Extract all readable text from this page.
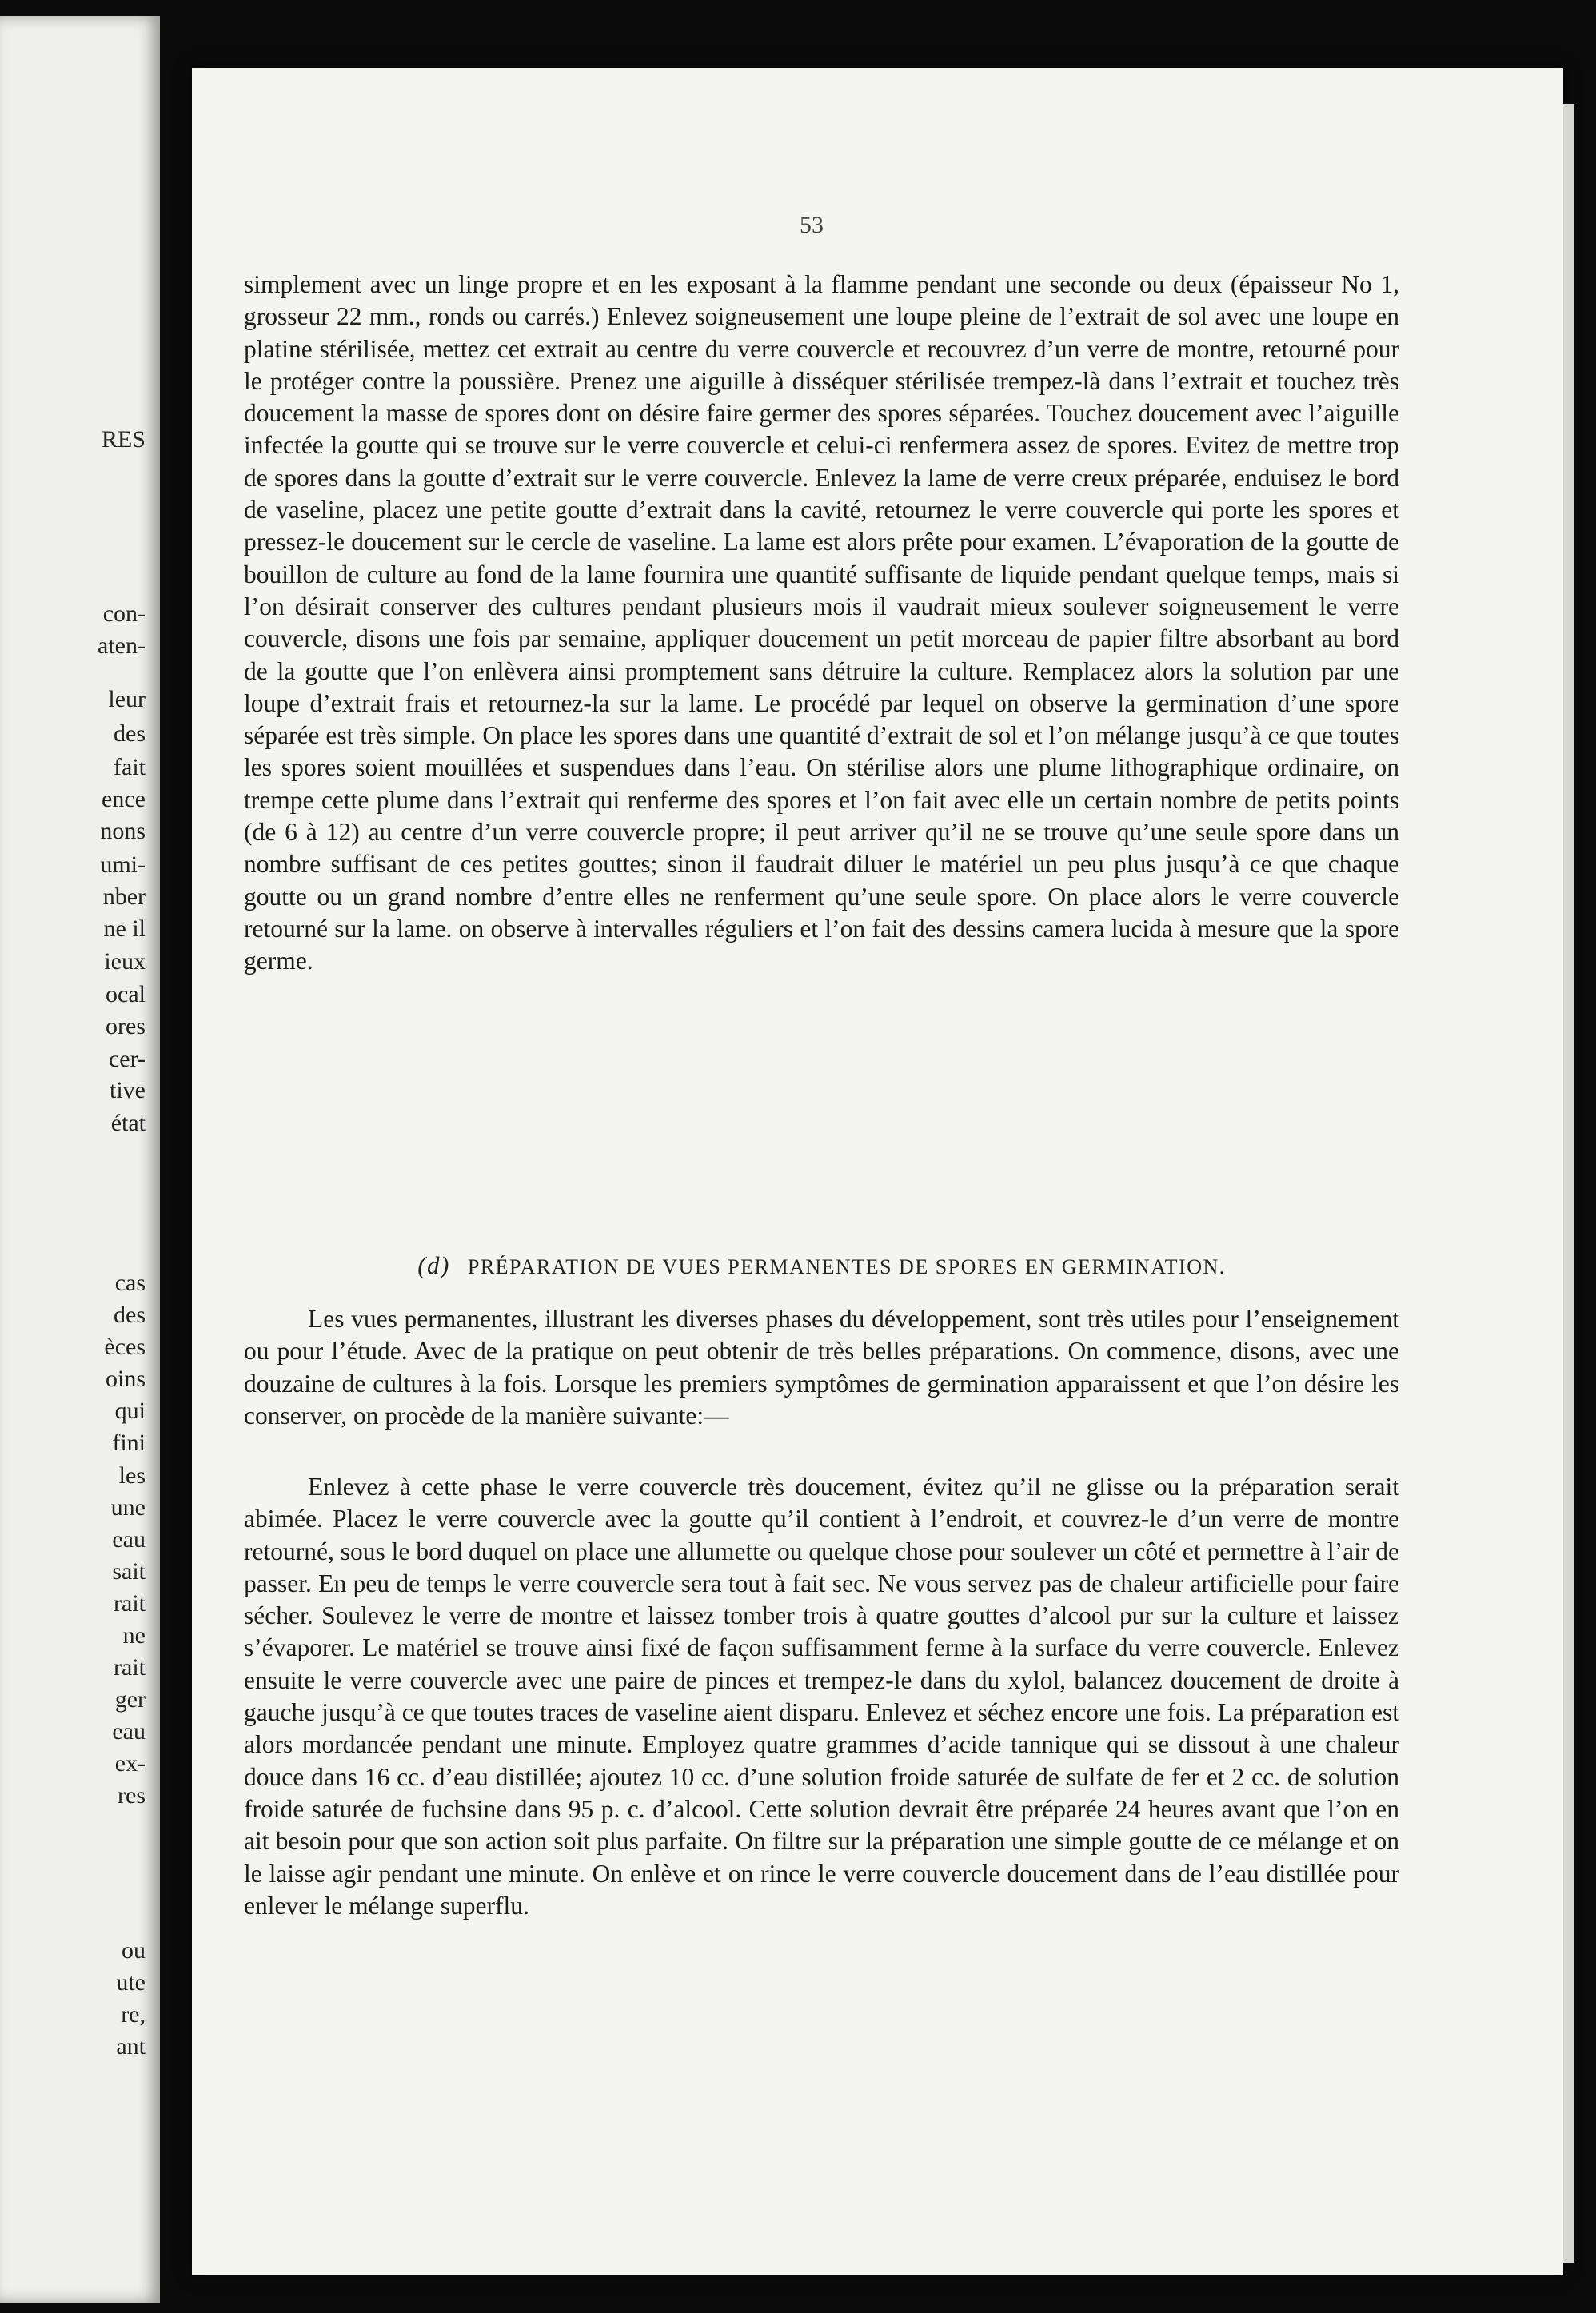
RES
con-
aten-
leur
des
fait
ence
nons
umi-
nber
ne il
ieux
ocal
ores
cer-
tive
état
cas
des
èces
oins
qui
fini
les
une
eau
sait
rait
ne
rait
ger
eau
ex-
res
ou
ute
re,
ant
53

simplement avec un linge propre et en les exposant à la flamme pendant une seconde ou deux (épaisseur No 1, grosseur 22 mm., ronds ou carrés.) Enlevez soigneusement une loupe pleine de l’extrait de sol avec une loupe en platine stérilisée, mettez cet extrait au centre du verre couvercle et recouvrez d’un verre de montre, retourné pour le protéger contre la poussière. Prenez une aiguille à disséquer stérilisée trempez-là dans l’extrait et touchez très doucement la masse de spores dont on désire faire germer des spores séparées. Touchez doucement avec l’aiguille infectée la goutte qui se trouve sur le verre couvercle et celui-ci renfermera assez de spores. Evitez de mettre trop de spores dans la goutte d’extrait sur le verre couvercle. Enlevez la lame de verre creux préparée, enduisez le bord de vaseline, placez une petite goutte d’extrait dans la cavité, retournez le verre couvercle qui porte les spores et pressez-le doucement sur le cercle de vaseline. La lame est alors prête pour examen. L’évaporation de la goutte de bouillon de culture au fond de la lame fournira une quantité suffisante de liquide pendant quelque temps, mais si l’on désirait conserver des cultures pendant plusieurs mois il vaudrait mieux soulever soigneusement le verre couvercle, disons une fois par semaine, appliquer doucement un petit morceau de papier filtre absorbant au bord de la goutte que l’on enlèvera ainsi promptement sans détruire la culture. Remplacez alors la solution par une loupe d’extrait frais et retournez-la sur la lame. Le procédé par lequel on observe la germination d’une spore séparée est très simple. On place les spores dans une quantité d’extrait de sol et l’on mélange jusqu’à ce que toutes les spores soient mouillées et suspendues dans l’eau. On stérilise alors une plume lithographique ordinaire, on trempe cette plume dans l’extrait qui renferme des spores et l’on fait avec elle un certain nombre de petits points (de 6 à 12) au centre d’un verre couvercle propre; il peut arriver qu’il ne se trouve qu’une seule spore dans un nombre suffisant de ces petites gouttes; sinon il faudrait diluer le matériel un peu plus jusqu’à ce que chaque goutte ou un grand nombre d’entre elles ne renferment qu’une seule spore. On place alors le verre couvercle retourné sur la lame. on observe à intervalles réguliers et l’on fait des dessins camera lucida à mesure que la spore germe.

(d) PRÉPARATION DE VUES PERMANENTES DE SPORES EN GERMINATION.

Les vues permanentes, illustrant les diverses phases du développement, sont très utiles pour l’enseignement ou pour l’étude. Avec de la pratique on peut obtenir de très belles préparations. On commence, disons, avec une douzaine de cultures à la fois. Lorsque les premiers symptômes de germination apparaissent et que l’on désire les conserver, on procède de la manière suivante:—

Enlevez à cette phase le verre couvercle très doucement, évitez qu’il ne glisse ou la préparation serait abimée. Placez le verre couvercle avec la goutte qu’il contient à l’endroit, et couvrez-le d’un verre de montre retourné, sous le bord duquel on place une allumette ou quelque chose pour soulever un côté et permettre à l’air de passer. En peu de temps le verre couvercle sera tout à fait sec. Ne vous servez pas de chaleur artificielle pour faire sécher. Soulevez le verre de montre et laissez tomber trois à quatre gouttes d’alcool pur sur la culture et laissez s’évaporer. Le matériel se trouve ainsi fixé de façon suffisamment ferme à la surface du verre couvercle. Enlevez ensuite le verre couvercle avec une paire de pinces et trempez-le dans du xylol, balancez doucement de droite à gauche jusqu’à ce que toutes traces de vaseline aient disparu. Enlevez et séchez encore une fois. La préparation est alors mordancée pendant une minute. Employez quatre grammes d’acide tannique qui se dissout à une chaleur douce dans 16 cc. d’eau distillée; ajoutez 10 cc. d’une solution froide saturée de sulfate de fer et 2 cc. de solution froide saturée de fuchsine dans 95 p. c. d’alcool. Cette solution devrait être préparée 24 heures avant que l’on en ait besoin pour que son action soit plus parfaite. On filtre sur la préparation une simple goutte de ce mélange et on le laisse agir pendant une minute. On enlève et on rince le verre couvercle doucement dans de l’eau distillée pour enlever le mélange superflu.
